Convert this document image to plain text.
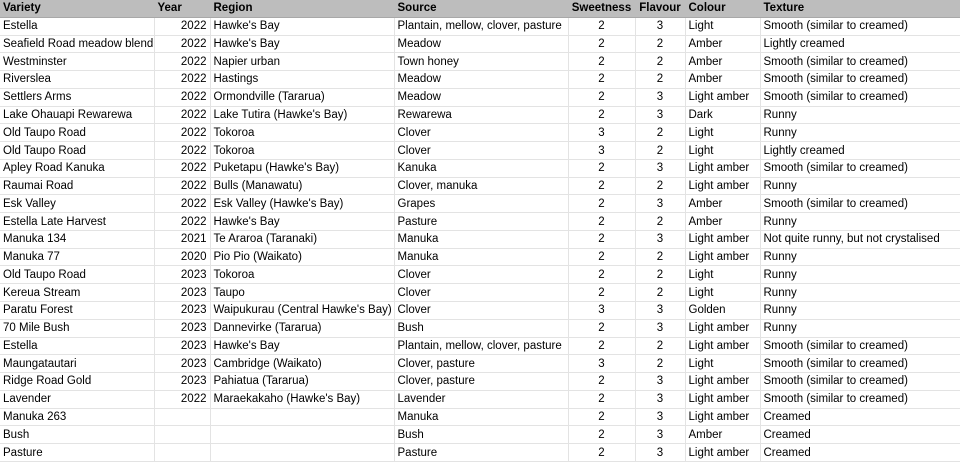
Variety	Year	Region	Source	Sweetness	Flavour	Colour	Texture
Estella	2022	Hawke's Bay	Plantain, mellow, clover, pasture	2	3	Light	Smooth (similar to creamed)
Seafield Road meadow blend	2022	Hawke's Bay	Meadow	2	2	Amber	Lightly creamed
Westminster	2022	Napier urban	Town honey	2	2	Amber	Smooth (similar to creamed)
Riverslea	2022	Hastings	Meadow	2	2	Amber	Smooth (similar to creamed)
Settlers Arms	2022	Ormondville (Tararua)	Meadow	2	3	Light amber	Smooth (similar to creamed)
Lake Ohauapi Rewarewa	2022	Lake Tutira (Hawke's Bay)	Rewarewa	2	3	Dark	Runny
Old Taupo Road	2022	Tokoroa	Clover	3	2	Light	Runny
Old Taupo Road	2022	Tokoroa	Clover	3	2	Light	Lightly creamed
Apley Road Kanuka	2022	Puketapu (Hawke's Bay)	Kanuka	2	3	Light amber	Smooth (similar to creamed)
Raumai Road	2022	Bulls (Manawatu)	Clover, manuka	2	2	Light amber	Runny
Esk Valley	2022	Esk Valley (Hawke's Bay)	Grapes	2	3	Amber	Smooth (similar to creamed)
Estella Late Harvest	2022	Hawke's Bay	Pasture	2	2	Amber	Runny
Manuka 134	2021	Te Araroa (Taranaki)	Manuka	2	3	Light amber	Not quite runny, but not crystalised
Manuka 77	2020	Pio Pio (Waikato)	Manuka	2	2	Light amber	Runny
Old Taupo Road	2023	Tokoroa	Clover	2	2	Light	Runny
Kereua Stream	2023	Taupo	Clover	2	2	Light	Runny
Paratu Forest	2023	Waipukurau (Central Hawke's Bay)	Clover	3	3	Golden	Runny
70 Mile Bush	2023	Dannevirke (Tararua)	Bush	2	3	Light amber	Runny
Estella	2023	Hawke's Bay	Plantain, mellow, clover, pasture	2	2	Light amber	Smooth (similar to creamed)
Maungatautari	2023	Cambridge (Waikato)	Clover, pasture	3	2	Light	Smooth (similar to creamed)
Ridge Road Gold	2023	Pahiatua (Tararua)	Clover, pasture	2	3	Light amber	Smooth (similar to creamed)
Lavender	2022	Maraekakaho (Hawke's Bay)	Lavender	2	3	Light amber	Smooth (similar to creamed)
Manuka 263			Manuka	2	3	Light amber	Creamed
Bush			Bush	2	3	Amber	Creamed
Pasture			Pasture	2	3	Light amber	Creamed
